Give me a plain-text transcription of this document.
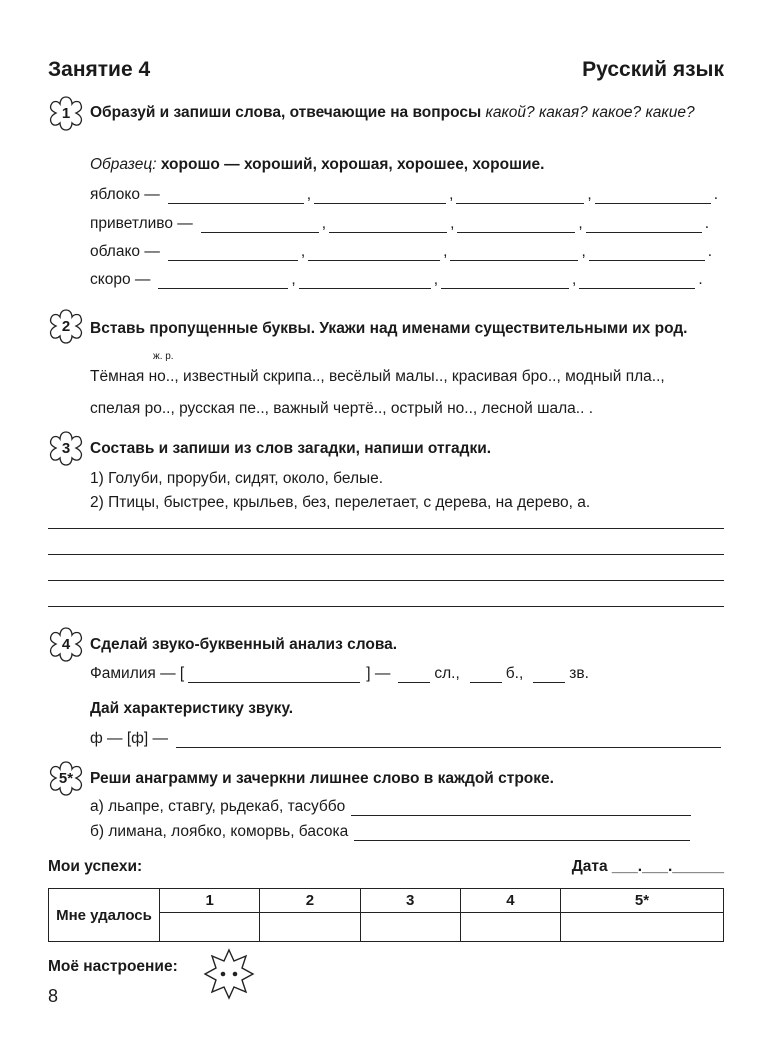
Занятие 4	Русский язык
1	Образуй и запиши слова, отвечающие на вопросы какой? какая? какое? какие?
Образец: хорошо — хороший, хорошая, хорошее, хорошие.
яблоко —	,	,	,	.
приветливо —	,	,	,	.
облако —	,	,	,	.
скоро —	,	,	,	.
2	Вставь пропущенные буквы. Укажи над именами существительными их род.
ж. р.
Тёмная но.., известный скрипа.., весёлый малы.., красивая бро.., модный пла..,
спелая ро.., русская пе.., важный чертё.., острый но.., лесной шала.. .
3	Составь и запиши из слов загадки, напиши отгадки.
1) Голуби, проруби, сидят, около, белые.
2) Птицы, быстрее, крыльев, без, перелетает, с дерева, на дерево, а.
4	Сделай звуко-буквенный анализ слова.
Фамилия — [	] —	сл.,	б.,	зв.
Дай характеристику звуку.
ф — [ф] —
5*	Реши анаграмму и зачеркни лишнее слово в каждой строке.
а) льапре, ставгу, рьдекаб, тасуббо
б) лимана, лоябко, коморвь, басока
Мои успехи:	Дата ___.___.______
Мне удалось	1	2	3	4	5*

Моё настроение:
8
